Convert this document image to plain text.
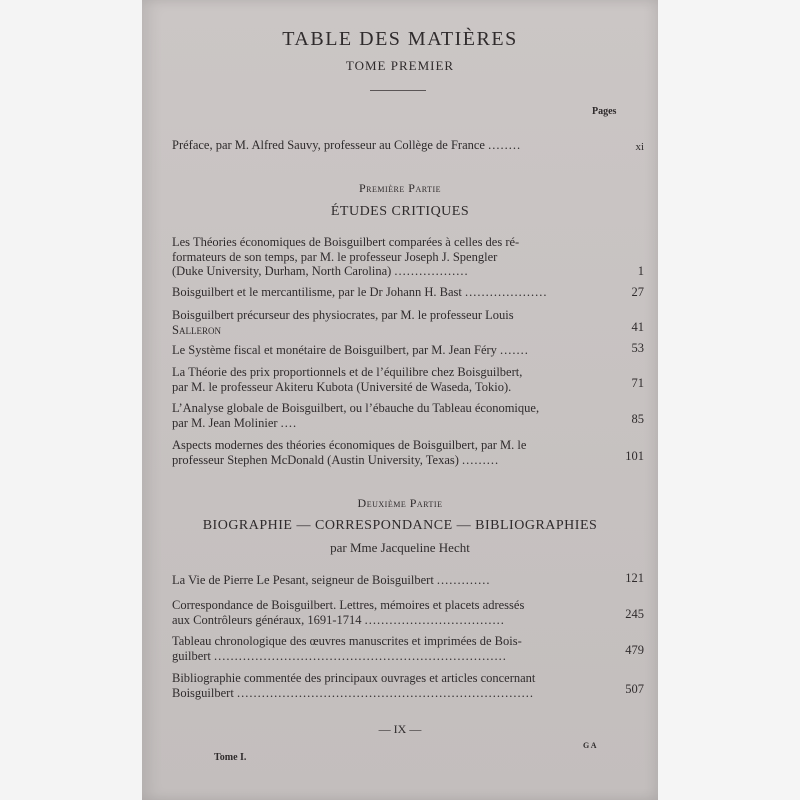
TABLE DES MATIÈRES
TOME PREMIER
Pages
Préface, par M. Alfred Sauvy, professeur au Collège de France ........	xi
Première Partie
ÉTUDES CRITIQUES
Les Théories économiques de Boisguilbert comparées à celles des ré-
formateurs de son temps, par M. le professeur Joseph J. Spengler
(Duke University, Durham, North Carolina) ..................	1
Boisguilbert et le mercantilisme, par le Dr Johann H. Bast ....................	27
Boisguilbert précurseur des physiocrates, par M. le professeur Louis
Salleron	41
Le Système fiscal et monétaire de Boisguilbert, par M. Jean Féry .......	53
La Théorie des prix proportionnels et de l’équilibre chez Boisguilbert,
par M. le professeur Akiteru Kubota (Université de Waseda, Tokio).	71
L’Analyse globale de Boisguilbert, ou l’ébauche du Tableau économique,
par M. Jean Molinier ....	85
Aspects modernes des théories économiques de Boisguilbert, par M. le
professeur Stephen McDonald (Austin University, Texas) .........	101
Deuxième Partie
BIOGRAPHIE — CORRESPONDANCE — BIBLIOGRAPHIES
par Mme Jacqueline Hecht
La Vie de Pierre Le Pesant, seigneur de Boisguilbert .............	121
Correspondance de Boisguilbert. Lettres, mémoires et placets adressés
aux Contrôleurs généraux, 1691-1714 ..................................	245
Tableau chronologique des œuvres manuscrites et imprimées de Bois-
guilbert .......................................................................	479
Bibliographie commentée des principaux ouvrages et articles concernant
Boisguilbert ........................................................................	507
— IX —
Tome I.
G A
